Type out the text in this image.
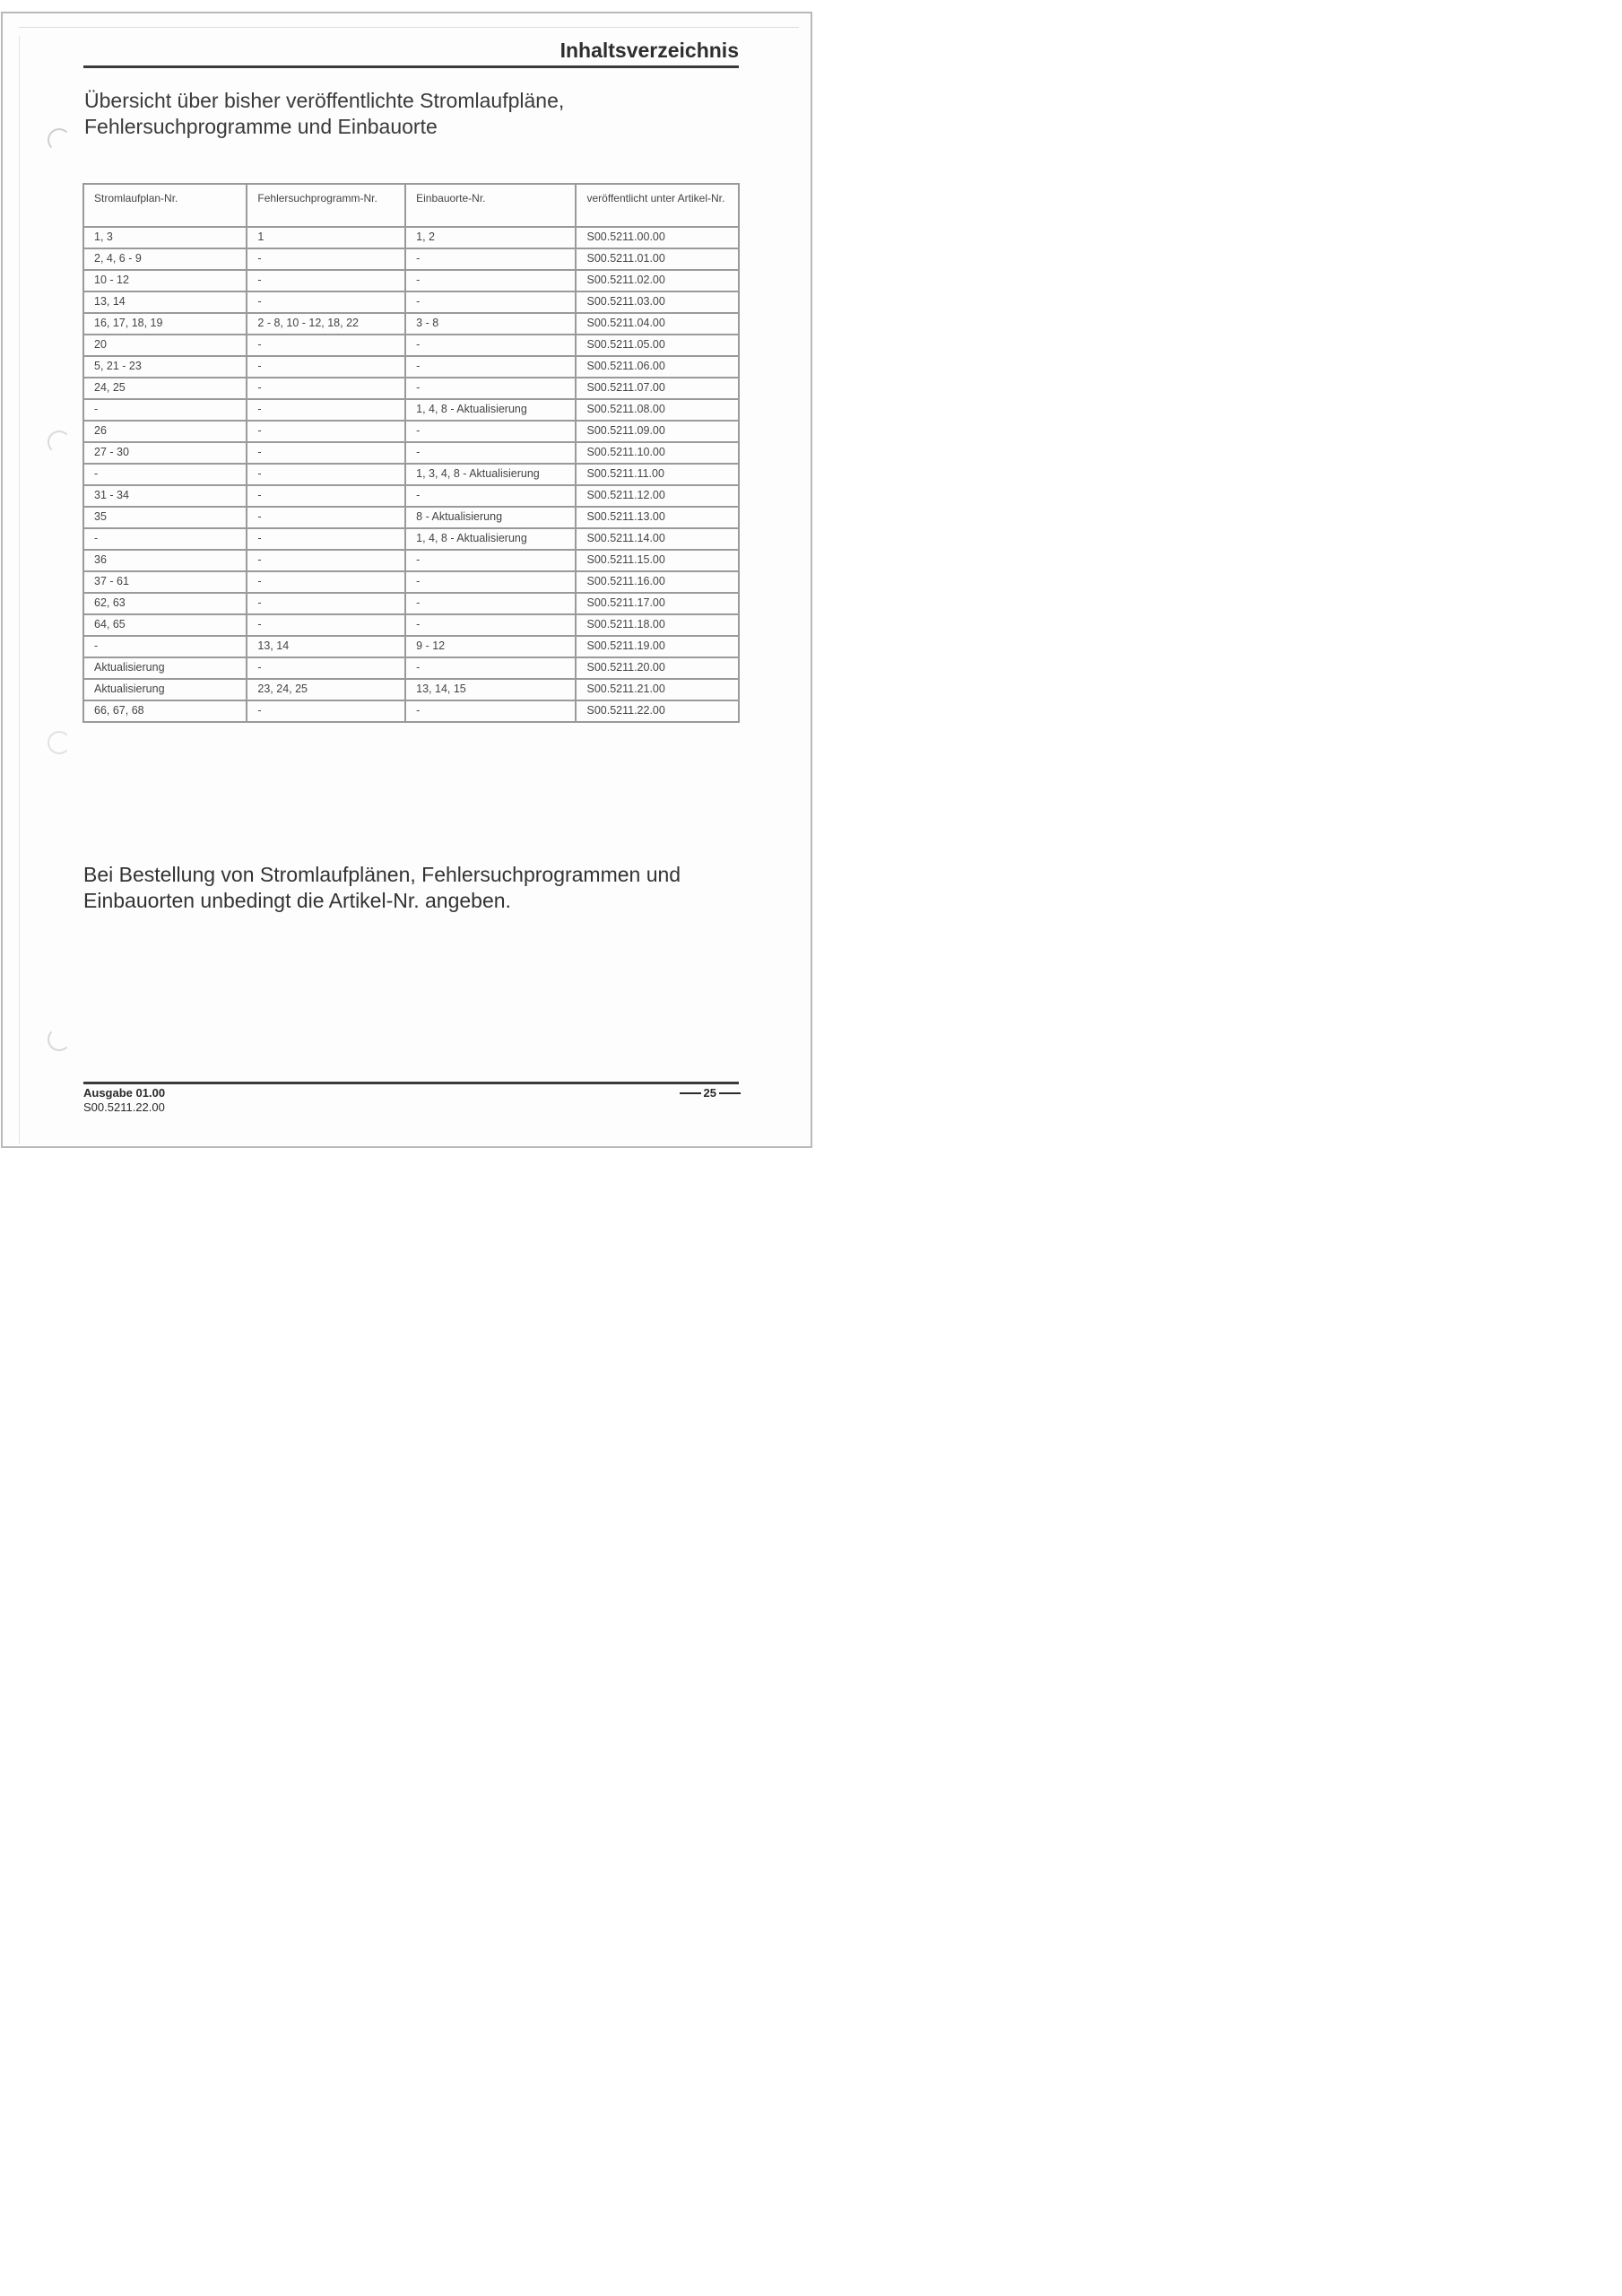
Inhaltsverzeichnis
Übersicht über bisher veröffentlichte Stromlaufpläne,
Fehlersuchprogramme und Einbauorte
Stromlaufplan-Nr.	Fehlersuchprogramm-Nr.	Einbauorte-Nr.	veröffentlicht unter Artikel-Nr.
1, 3	1	1, 2	S00.5211.00.00
2, 4, 6 - 9	-	-	S00.5211.01.00
10 - 12	-	-	S00.5211.02.00
13, 14	-	-	S00.5211.03.00
16, 17, 18, 19	2 - 8, 10 - 12, 18, 22	3 - 8	S00.5211.04.00
20	-	-	S00.5211.05.00
5, 21 - 23	-	-	S00.5211.06.00
24, 25	-	-	S00.5211.07.00
-	-	1, 4, 8 - Aktualisierung	S00.5211.08.00
26	-	-	S00.5211.09.00
27 - 30	-	-	S00.5211.10.00
-	-	1, 3, 4, 8 - Aktualisierung	S00.5211.11.00
31 - 34	-	-	S00.5211.12.00
35	-	8 - Aktualisierung	S00.5211.13.00
-	-	1, 4, 8 - Aktualisierung	S00.5211.14.00
36	-	-	S00.5211.15.00
37 - 61	-	-	S00.5211.16.00
62, 63	-	-	S00.5211.17.00
64, 65	-	-	S00.5211.18.00
-	13, 14	9 - 12	S00.5211.19.00
Aktualisierung	-	-	S00.5211.20.00
Aktualisierung	23, 24, 25	13, 14, 15	S00.5211.21.00
66, 67, 68	-	-	S00.5211.22.00
Bei Bestellung von Stromlaufplänen, Fehlersuchprogrammen und
Einbauorten unbedingt die Artikel-Nr. angeben.
Ausgabe 01.00
S00.5211.22.00
25
